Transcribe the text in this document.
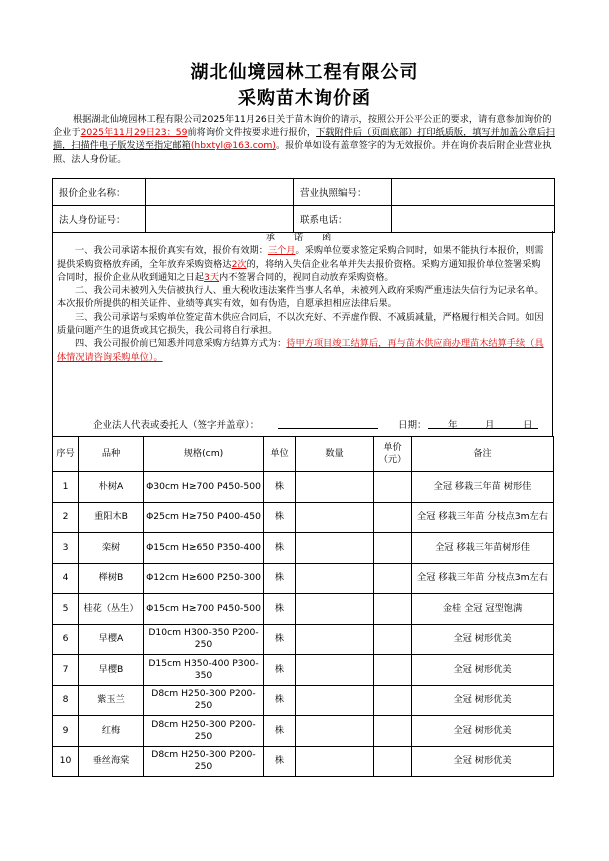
湖北仙境园林工程有限公司
采购苗木询价函
根据湖北仙境园林工程有限公司2025年11月26日关于苗木询价的请示，按照公开公平公正的要求，请有意参加询价的企业于2025年11月29日23：59前将询价文件按要求进行报价，下载附件后（页面底部）打印纸质版，填写并加盖公章后扫描，扫描件电子版发送至指定邮箱(hbxtyl@163.com)。报价单如设有盖章签字的为无效报价。并在询价表后附企业营业执照、法人身份证。
报价企业名称：		营业执照编号：	
法人身份证号：		联系电话：	
承 诺 函

一、我公司承诺本报价真实有效，报价有效期：三个月。采购单位要求签定采购合同时，如果不能执行本报价，则需提供采购资格放弃函，全年放弃采购资格达2次的，将纳入失信企业名单并失去报价资格。采购方通知报价单位签署采购合同时，报价企业从收到通知之日起3天内不签署合同的，视同自动放弃采购资格。

二、我公司未被列入失信被执行人、重大税收违法案件当事人名单，未被列入政府采购严重违法失信行为记录名单。本次报价所提供的相关证件、业绩等真实有效，如有伪造，自愿承担相应法律后果。

三、我公司承诺与采购单位签定苗木供应合同后，不以次充好、不弄虚作假、不减质减量，严格履行相关合同。如因质量问题产生的退货或其它损失，我公司将自行承担。

四、我公司报价前已知悉并同意采购方结算方式为：待甲方项目竣工结算后，再与苗木供应商办理苗木结算手续（具体情况请咨询采购单位）。

企业法人代表或委托人（签字并盖章）：	日期： 年	月	日
序号	品种	规格(cm)	单位	数量	单价（元）	备注
1	朴树A	Φ30cm H≥700 P450-500	株			全冠 移栽三年苗 树形佳
2	重阳木B	Φ25cm H≥750 P400-450	株			全冠 移栽三年苗 分枝点3m左右
3	栾树	Φ15cm H≥650 P350-400	株			全冠 移栽三年苗树形佳
4	榉树B	Φ12cm H≥600 P250-300	株			全冠 移栽三年苗 分枝点3m左右
5	桂花（丛生）	Φ15cm H≥700 P450-500	株			金桂 全冠 冠型饱满
6	早樱A	D10cm H300-350 P200-250	株			全冠 树形优美
7	早樱B	D15cm H350-400 P300-350	株			全冠 树形优美
8	紫玉兰	D8cm H250-300 P200-250	株			全冠 树形优美
9	红梅	D8cm H250-300 P200-250	株			全冠 树形优美
10	垂丝海棠	D8cm H250-300 P200-250	株			全冠 树形优美
